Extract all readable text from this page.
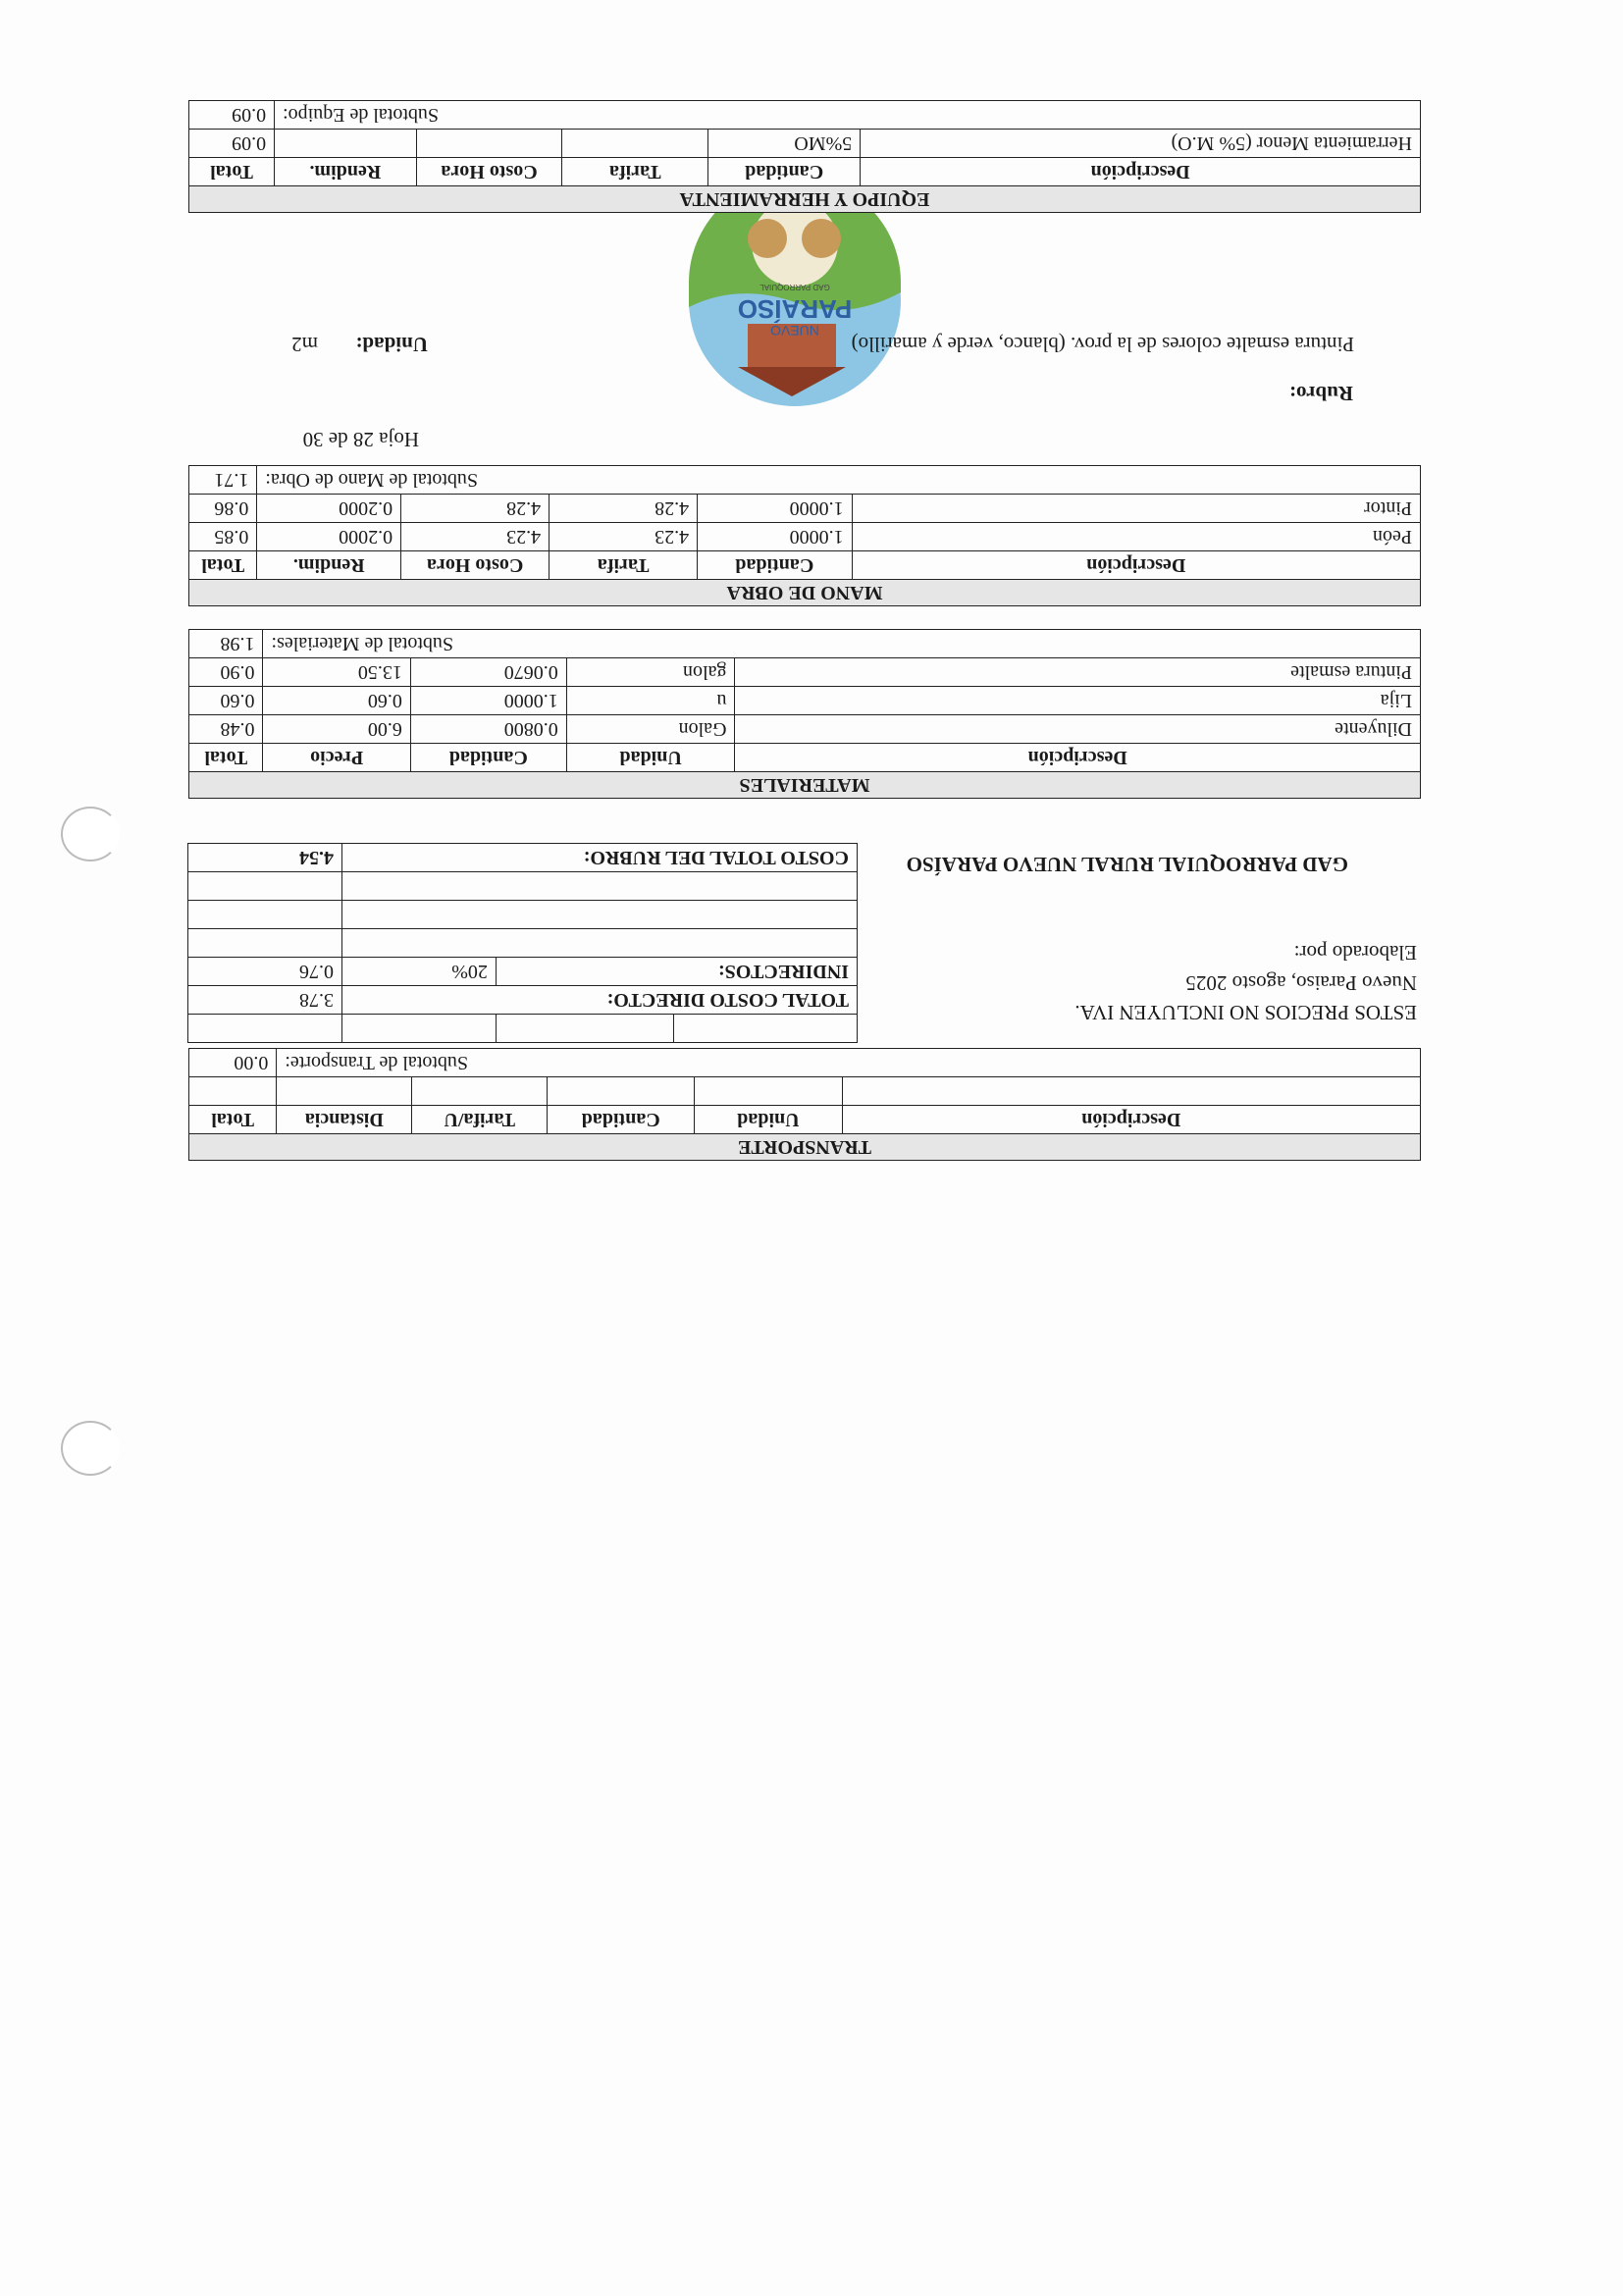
PARAÍSO
NUEVO
GAD PARROQUIAL
Hoja 28 de 30
Rubro:
Pintura esmalte colores de la prov. (blanco, verde y amarillo)
Unidad:
m2
EQUIPO Y HERRAMIENTA					
Descripción	Cantidad	Tarifa	Costo Hora	Rendim.	Total
Herramienta Menor (5% M.O)	5%MO				0.09
Subtotal de Equipo:					0.09
MANO DE OBRA					
Descripción	Cantidad	Tarifa	Costo Hora	Rendim.	Total
Peón	1.0000	4.23	4.23	0.2000	0.85
Pintor	1.0000	4.28	4.28	0.2000	0.86
Subtotal de Mano de Obra:					1.71
MATERIALES				
Descripción	Unidad	Cantidad	Precio	Total
Diluyente	Galon	0.0800	6.00	0.48
Lija	u	1.0000	0.60	0.60
Pintura esmalte	galon	0.0670	13.50	0.90
Subtotal de Materiales:				1.98
TRANSPORTE					
Descripción	Unidad	Cantidad	Tarifa/U	Distancia	Total

Subtotal de Transporte:					0.00
ESTOS PRECIOS NO INCLUYEN IVA.
Nuevo Paraiso, agosto 2025
Elaborado por:
GAD PARROQUIAL RURAL NUEVO PARAÍSO

TOTAL COSTO DIRECTO:			3.78
INDIRECTOS:		20%	0.76

COSTO TOTAL DEL RUBRO:			4.54
